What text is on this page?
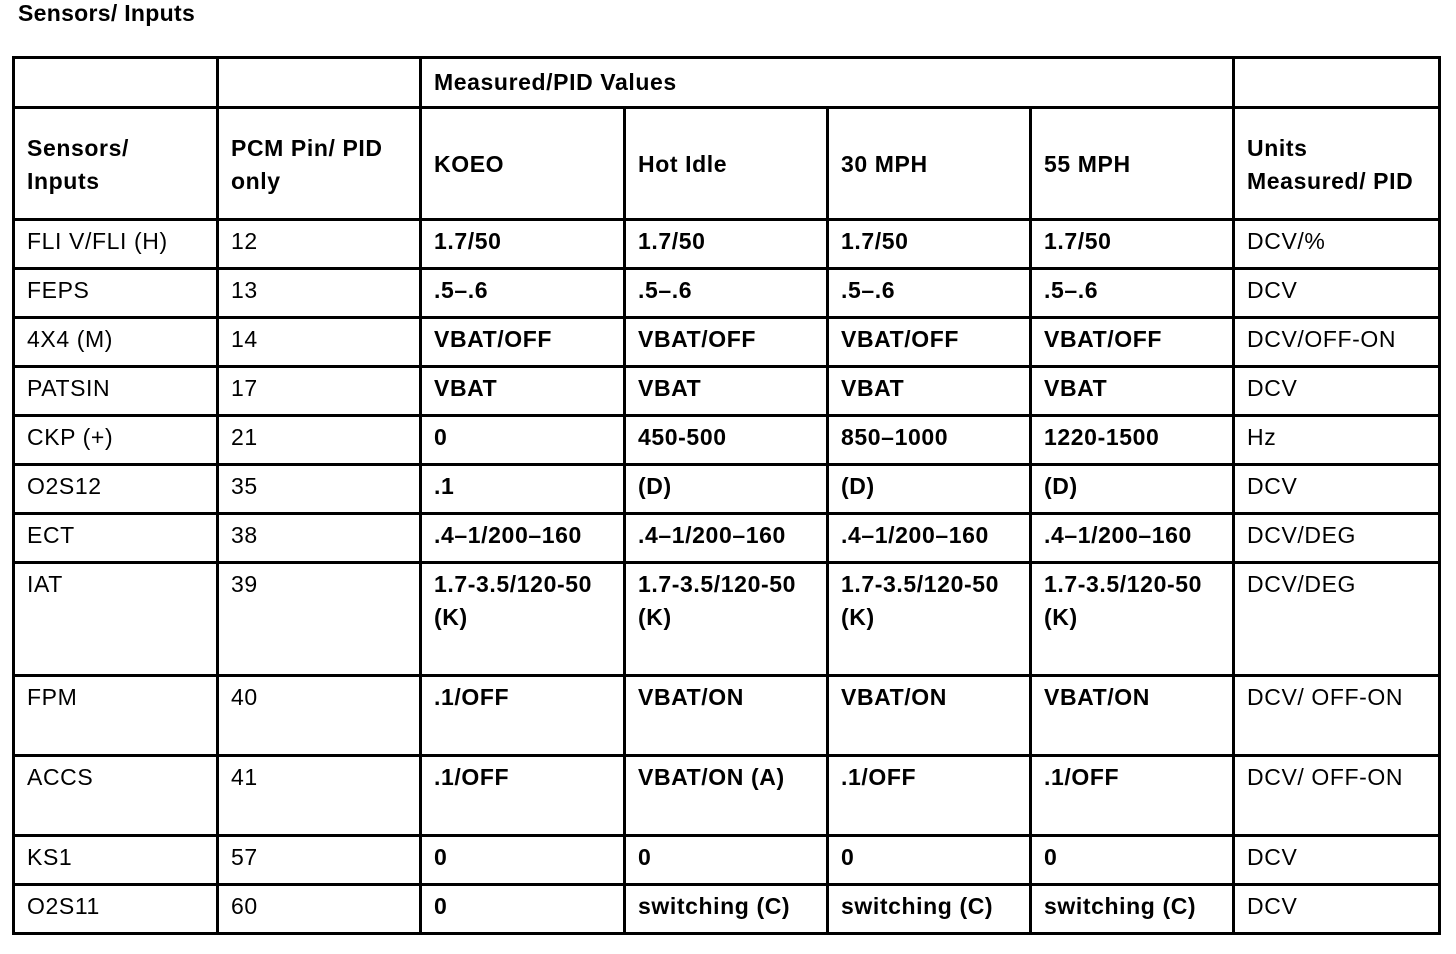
Sensors/ Inputs
		Measured/PID Values				
Sensors/ Inputs	PCM Pin/ PID only	KOEO	Hot Idle	30 MPH	55 MPH	Units Measured/ PID
FLI V/FLI (H)	12	1.7/50	1.7/50	1.7/50	1.7/50	DCV/%
FEPS	13	.5–.6	.5–.6	.5–.6	.5–.6	DCV
4X4 (M)	14	VBAT/OFF	VBAT/OFF	VBAT/OFF	VBAT/OFF	DCV/OFF-ON
PATSIN	17	VBAT	VBAT	VBAT	VBAT	DCV
CKP (+)	21	0	450-500	850–1000	1220-1500	Hz
O2S12	35	.1	(D)	(D)	(D)	DCV
ECT	38	.4–1/200–160	.4–1/200–160	.4–1/200–160	.4–1/200–160	DCV/DEG
IAT	39	1.7-3.5/120-50 (K)	1.7-3.5/120-50 (K)	1.7-3.5/120-50 (K)	1.7-3.5/120-50 (K)	DCV/DEG
FPM	40	.1/OFF	VBAT/ON	VBAT/ON	VBAT/ON	DCV/ OFF-ON
ACCS	41	.1/OFF	VBAT/ON (A)	.1/OFF	.1/OFF	DCV/ OFF-ON
KS1	57	0	0	0	0	DCV
O2S11	60	0	switching (C)	switching (C)	switching (C)	DCV
